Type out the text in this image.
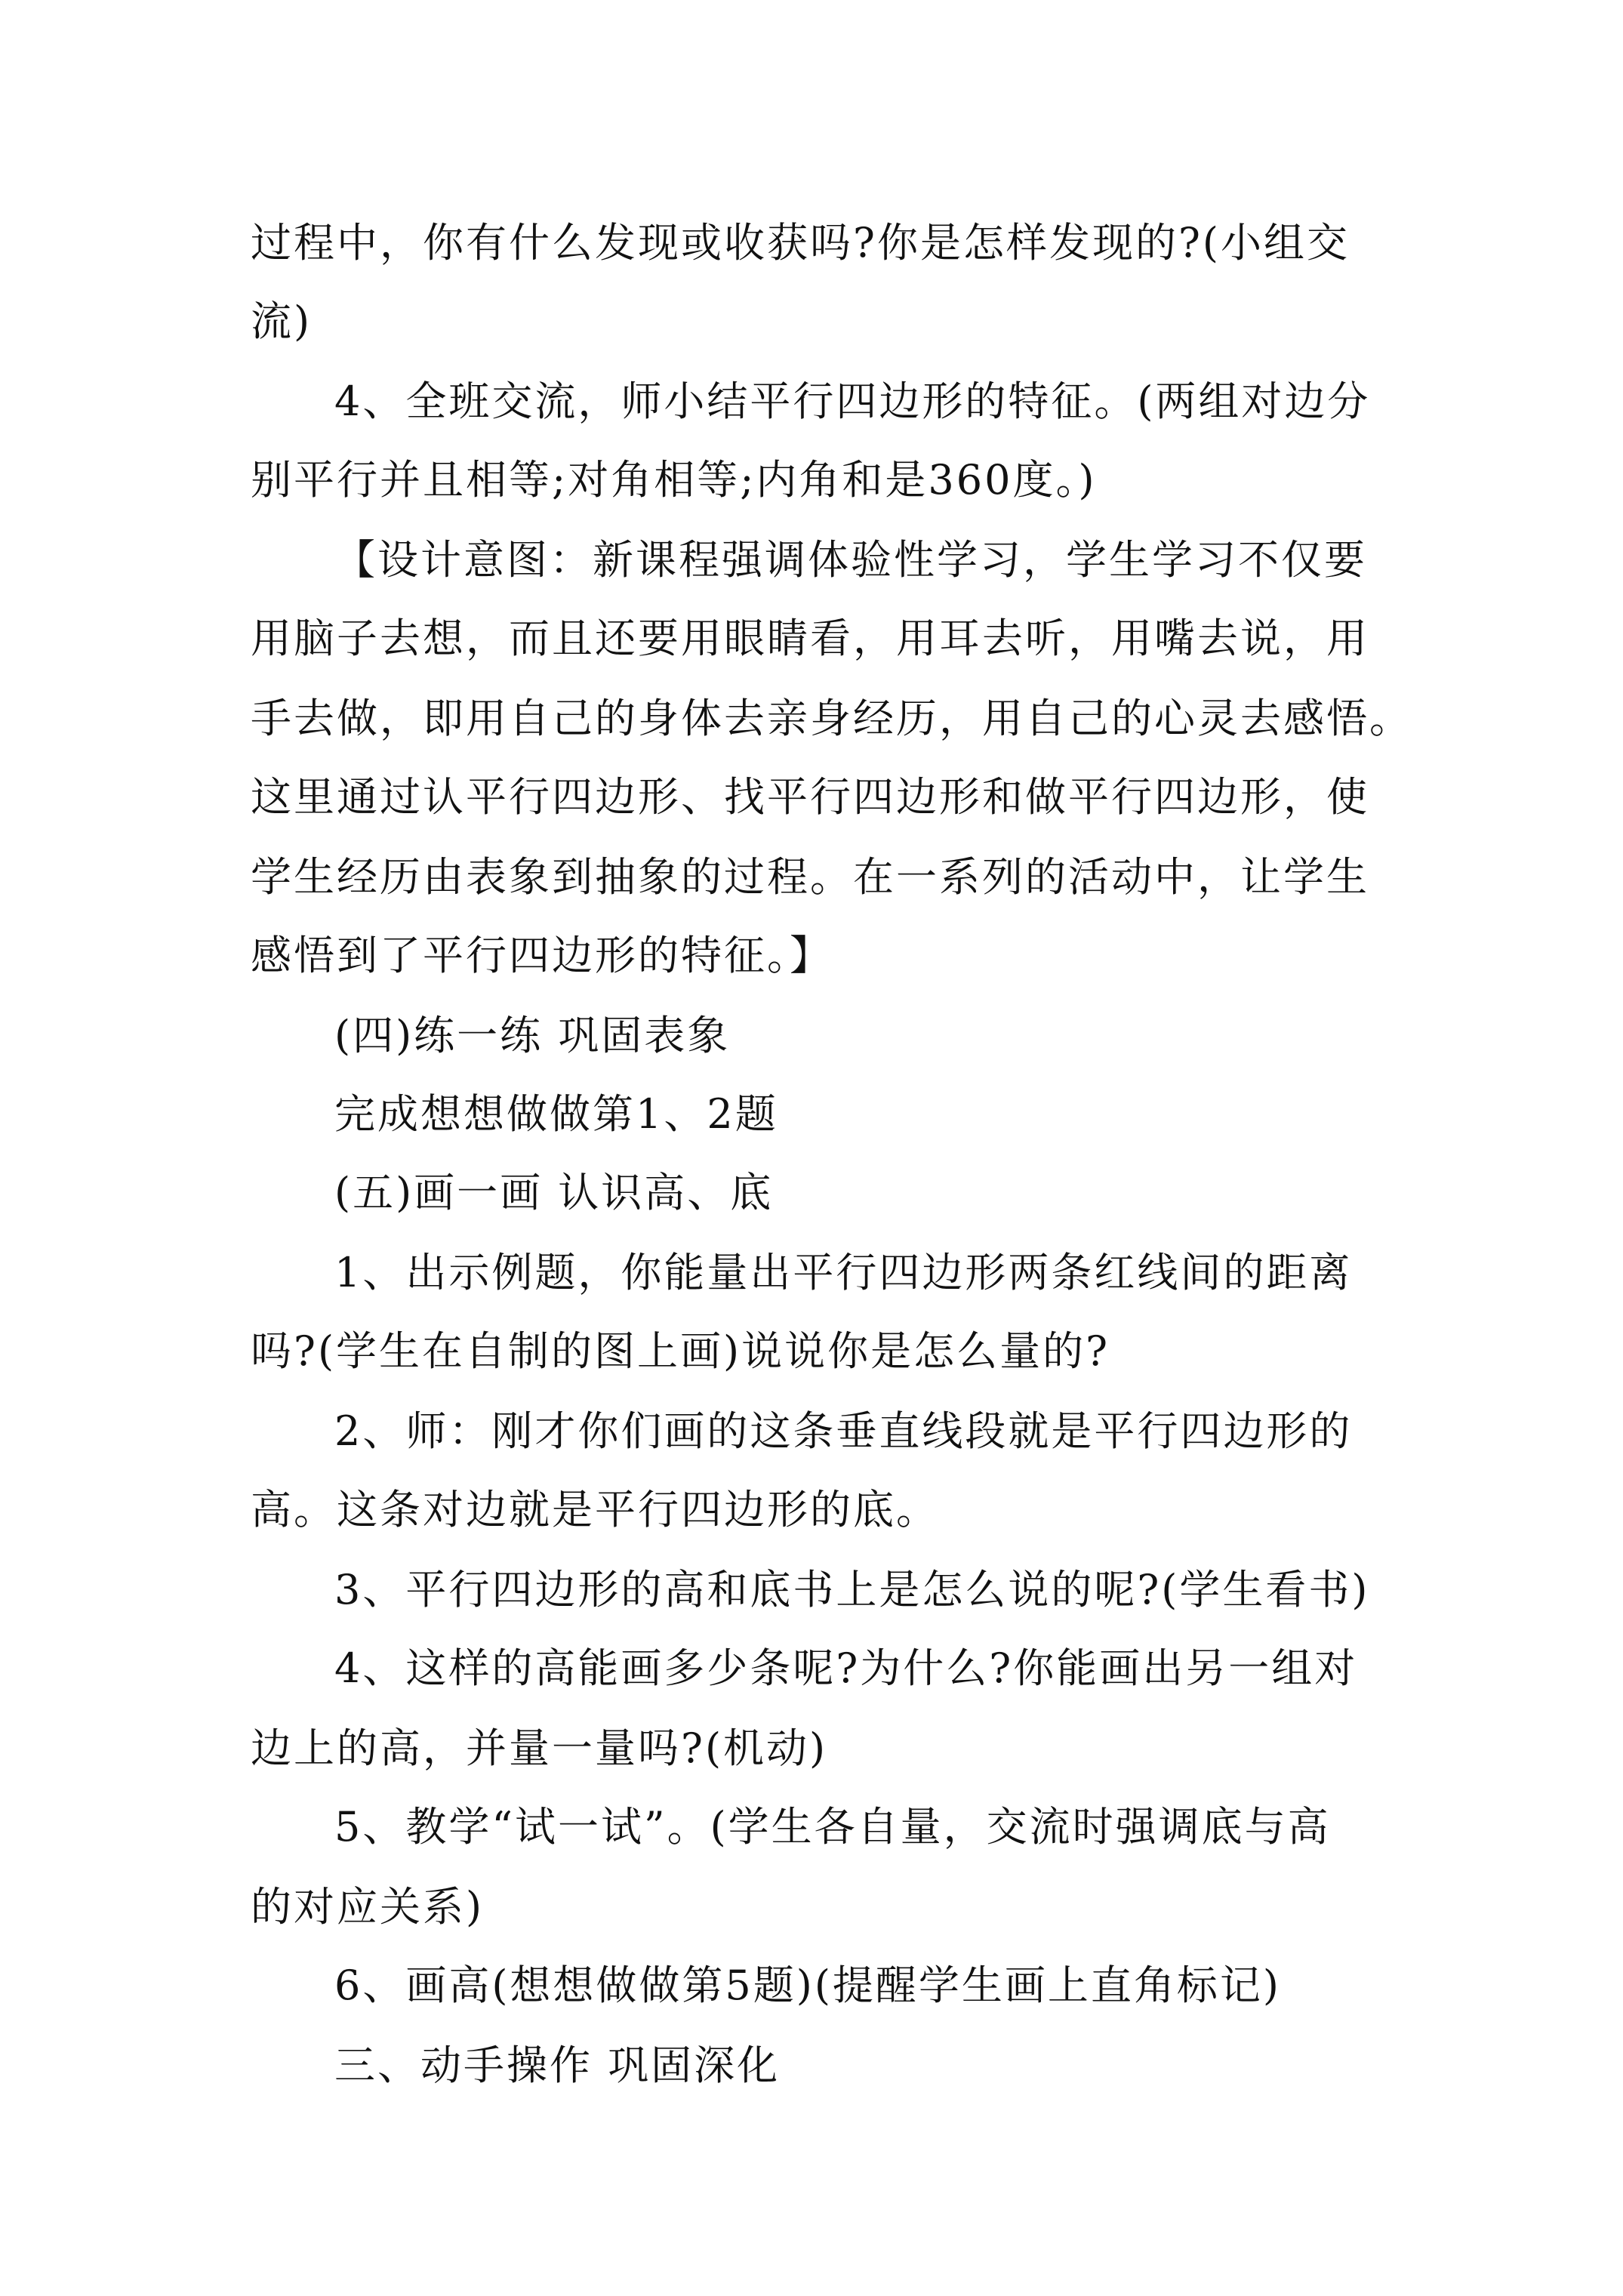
过程中，你有什么发现或收获吗?你是怎样发现的?(小组交
流)
4、全班交流，师小结平行四边形的特征。(两组对边分
别平行并且相等;对角相等;内角和是360度。)
【设计意图：新课程强调体验性学习，学生学习不仅要
用脑子去想，而且还要用眼睛看，用耳去听，用嘴去说，用
手去做，即用自己的身体去亲身经历，用自己的心灵去感悟。
这里通过认平行四边形、找平行四边形和做平行四边形，使
学生经历由表象到抽象的过程。在一系列的活动中，让学生
感悟到了平行四边形的特征。】
(四)练一练 巩固表象
完成想想做做第1、2题
(五)画一画 认识高、底
1、出示例题，你能量出平行四边形两条红线间的距离
吗?(学生在自制的图上画)说说你是怎么量的?
2、师：刚才你们画的这条垂直线段就是平行四边形的
高。这条对边就是平行四边形的底。
3、平行四边形的高和底书上是怎么说的呢?(学生看书)
4、这样的高能画多少条呢?为什么?你能画出另一组对
边上的高，并量一量吗?(机动)
5、教学“试一试”。(学生各自量，交流时强调底与高
的对应关系)
6、画高(想想做做第5题)(提醒学生画上直角标记)
三、动手操作 巩固深化
